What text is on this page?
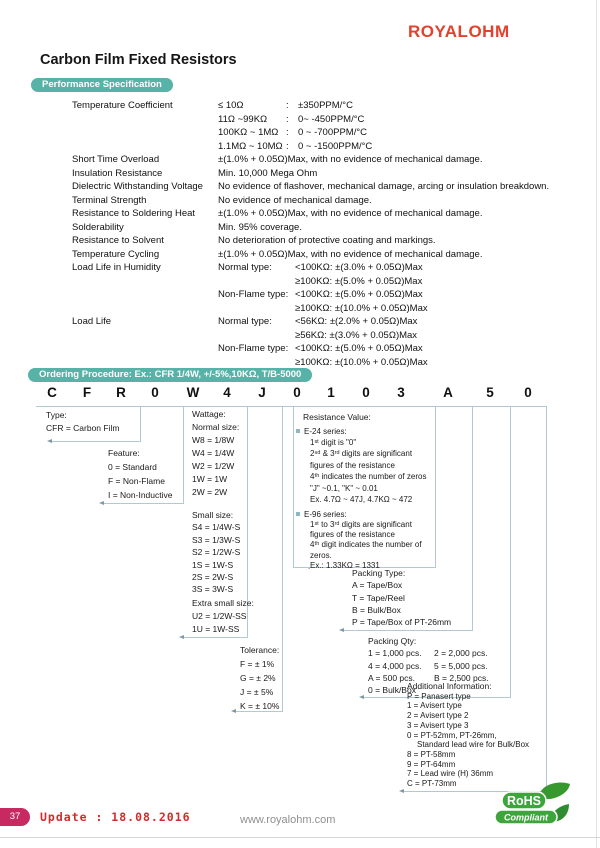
ROYALOHM
Carbon Film Fixed Resistors
Performance Specification
Temperature Coefficient	≤ 10Ω	: ±350PPM/°C
11Ω ~99KΩ	: 0~ -450PPM/°C
100KΩ ~ 1MΩ : 0 ~ -700PPM/°C
1.1MΩ ~ 10MΩ : 0 ~ -1500PPM/°C
Short Time Overload	±(1.0% + 0.05Ω)Max, with no evidence of mechanical damage.
Insulation Resistance	Min. 10,000 Mega Ohm
Dielectric Withstanding Voltage	No evidence of flashover, mechanical damage, arcing or insulation breakdown.
Terminal Strength	No evidence of mechanical damage.
Resistance to Soldering Heat	±(1.0% + 0.05Ω)Max, with no evidence of mechanical damage.
Solderability	Min. 95% coverage.
Resistance to Solvent	No deterioration of protective coating and markings.
Temperature Cycling	±(1.0% + 0.05Ω)Max, with no evidence of mechanical damage.
Load Life in Humidity	Normal type:	<100KΩ: ±(3.0% + 0.05Ω)Max
≥100KΩ: ±(5.0% + 0.05Ω)Max
Non-Flame type: <100KΩ: ±(5.0% + 0.05Ω)Max
≥100KΩ: ±(10.0% + 0.05Ω)Max
Load Life	Normal type:	<56KΩ: ±(2.0% + 0.05Ω)Max
≥56KΩ: ±(3.0% + 0.05Ω)Max
Non-Flame type: <100KΩ: ±(5.0% + 0.05Ω)Max
≥100KΩ: ±(10.0% + 0.05Ω)Max
Ordering Procedure: Ex.: CFR 1/4W, +/-5%,10KΩ, T/B-5000
C	F	R	0	W	4	J	0	1	0	3	A	5	0
Type:
CFR = Carbon Film
Feature:
0 = Standard
F = Non-Flame
I = Non-Inductive
Wattage:
Normal size:
W8 = 1/8W
W4 = 1/4W
W2 = 1/2W
1W = 1W
2W = 2W
Small size:
S4 = 1/4W-S
S3 = 1/3W-S
S2 = 1/2W-S
1S = 1W-S
2S = 2W-S
3S = 3W-S
Extra small size:
U2 = 1/2W-SS
1U = 1W-SS
Tolerance:
F = ± 1%
G = ± 2%
J = ± 5%
K = ± 10%
Resistance Value:
E-24 series:
1ˢᵗ digit is "0"
2ⁿᵈ & 3ʳᵈ digits are significant
figures of the resistance
4ᵗʰ indicates the number of zeros
"J" ~0.1, "K" ~ 0.01
Ex. 4.7Ω ~ 47J, 4.7KΩ ~ 472
E-96 series:
1ˢᵗ to 3ʳᵈ digits are significant
figures of the resistance
4ᵗʰ digit indicates the number of
zeros.
Ex.: 1.33KΩ = 1331
Packing Type:
A = Tape/Box
T = Tape/Reel
B = Bulk/Box
P = Tape/Box of PT-26mm
Packing Qty:
1 = 1,000 pcs.	2 = 2,000 pcs.
4 = 4,000 pcs.	5 = 5,000 pcs.
A = 500 pcs.	B = 2,500 pcs.
0 = Bulk/Box
Additional Information:
P = Panasert type
1 = Avisert type
2 = Avisert type 2
3 = Avisert type 3
0 = PT-52mm, PT-26mm,
Standard lead wire for Bulk/Box
8 = PT-58mm
9 = PT-64mm
7 = Lead wire (H) 36mm
C = PT-73mm
37	Update : 18.08.2016	www.royalohm.com
RoHS
Compliant
